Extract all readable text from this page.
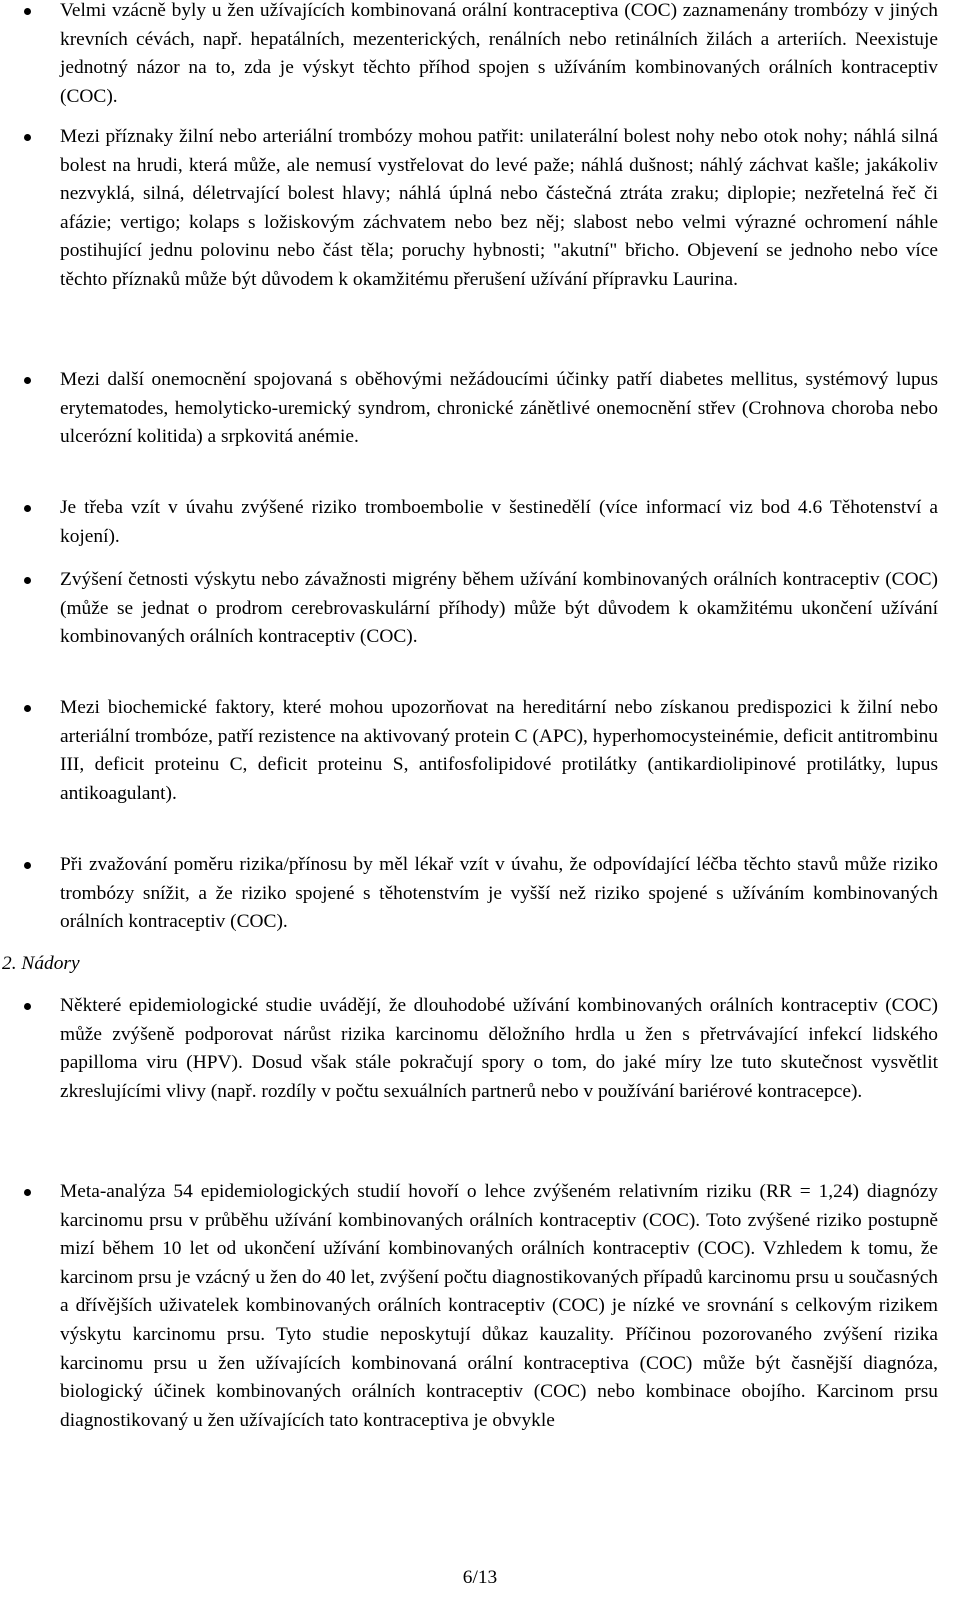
Velmi vzácně byly u žen užívajících kombinovaná orální kontraceptiva (COC) zaznamenány trombózy v jiných krevních cévách, např. hepatálních, mezenterických, renálních nebo retinálních žilách a arteriích. Neexistuje jednotný názor na to, zda je výskyt těchto příhod spojen s užíváním kombinovaných orálních kontraceptiv (COC).

Mezi příznaky žilní nebo arteriální trombózy mohou patřit: unilaterální bolest nohy nebo otok nohy; náhlá silná bolest na hrudi, která může, ale nemusí vystřelovat do levé paže; náhlá dušnost; náhlý záchvat kašle; jakákoliv nezvyklá, silná, déletrvající bolest hlavy; náhlá úplná nebo částečná ztráta zraku; diplopie; nezřetelná řeč či afázie; vertigo; kolaps s ložiskovým záchvatem nebo bez něj; slabost nebo velmi výrazné ochromení náhle postihující jednu polovinu nebo část těla; poruchy hybnosti; "akutní" břicho. Objevení se jednoho nebo více těchto příznaků může být důvodem k okamžitému přerušení užívání přípravku Laurina.

Mezi další onemocnění spojovaná s oběhovými nežádoucími účinky patří diabetes mellitus, systémový lupus erytematodes, hemolyticko-uremický syndrom, chronické zánětlivé onemocnění střev (Crohnova choroba nebo ulcerózní kolitida) a srpkovitá anémie.

Je třeba vzít v úvahu zvýšené riziko tromboembolie v šestinedělí (více informací viz bod 4.6 Těhotenství a kojení).

Zvýšení četnosti výskytu nebo závažnosti migrény během užívání kombinovaných orálních kontraceptiv (COC) (může se jednat o prodrom cerebrovaskulární příhody) může být důvodem k okamžitému ukončení užívání kombinovaných orálních kontraceptiv (COC).

Mezi biochemické faktory, které mohou upozorňovat na hereditární nebo získanou predispozici k žilní nebo arteriální trombóze, patří rezistence na aktivovaný protein C (APC), hyperhomocysteinémie, deficit antitrombinu III, deficit proteinu C, deficit proteinu S, antifosfolipidové protilátky (antikardiolipinové protilátky, lupus antikoagulant).

Při zvažování poměru rizika/přínosu by měl lékař vzít v úvahu, že odpovídající léčba těchto stavů může riziko trombózy snížit, a že riziko spojené s těhotenstvím je vyšší než riziko spojené s užíváním kombinovaných orálních kontraceptiv (COC).

2. Nádory

Některé epidemiologické studie uvádějí, že dlouhodobé užívání kombinovaných orálních kontraceptiv (COC) může zvýšeně podporovat nárůst rizika karcinomu děložního hrdla u žen s přetrvávající infekcí lidského papilloma viru (HPV). Dosud však stále pokračují spory o tom, do jaké míry lze tuto skutečnost vysvětlit zkreslujícími vlivy (např. rozdíly v počtu sexuálních partnerů nebo v používání bariérové kontracepce).

Meta-analýza 54 epidemiologických studií hovoří o lehce zvýšeném relativním riziku (RR = 1,24) diagnózy karcinomu prsu v průběhu užívání kombinovaných orálních kontraceptiv (COC). Toto zvýšené riziko postupně mizí během 10 let od ukončení užívání kombinovaných orálních kontraceptiv (COC). Vzhledem k tomu, že karcinom prsu je vzácný u žen do 40 let, zvýšení počtu diagnostikovaných případů karcinomu prsu u současných a dřívějších uživatelek kombinovaných orálních kontraceptiv (COC) je nízké ve srovnání s celkovým rizikem výskytu karcinomu prsu. Tyto studie neposkytují důkaz kauzality. Příčinou pozorovaného zvýšení rizika karcinomu prsu u žen užívajících kombinovaná orální kontraceptiva (COC) může být časnější diagnóza, biologický účinek kombinovaných orálních kontraceptiv (COC) nebo kombinace obojího. Karcinom prsu diagnostikovaný u žen užívajících tato kontraceptiva je obvykle

6/13
